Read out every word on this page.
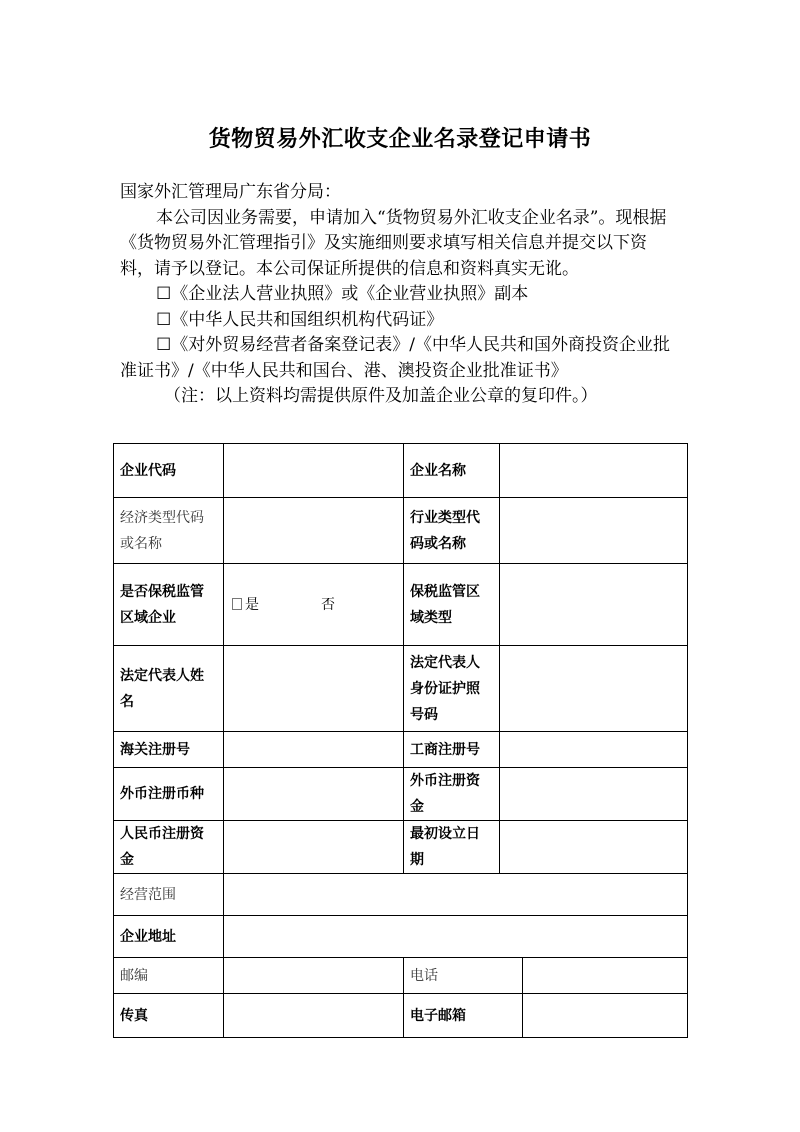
货物贸易外汇收支企业名录登记申请书

国家外汇管理局广东省分局：

本公司因业务需要，申请加入“货物贸易外汇收支企业名录”。现根据《货物贸易外汇管理指引》及实施细则要求填写相关信息并提交以下资料，请予以登记。本公司保证所提供的信息和资料真实无讹。

☐《企业法人营业执照》或《企业营业执照》副本

☐《中华人民共和国组织机构代码证》

☐《对外贸易经营者备案登记表》/《中华人民共和国外商投资企业批准证书》/《中华人民共和国台、港、澳投资企业批准证书》

（注：以上资料均需提供原件及加盖企业公章的复印件。）

企业代码		企业名称		
经济类型代码或名称		行业类型代码或名称		
是否保税监管区域企业	是 否	保税监管区域类型		
法定代表人姓名		法定代表人身份证护照号码		
海关注册号		工商注册号		
外币注册币种		外币注册资金		
人民币注册资金		最初设立日期		
经营范围				
企业地址				
邮编		电话		
传真		电子邮箱		
